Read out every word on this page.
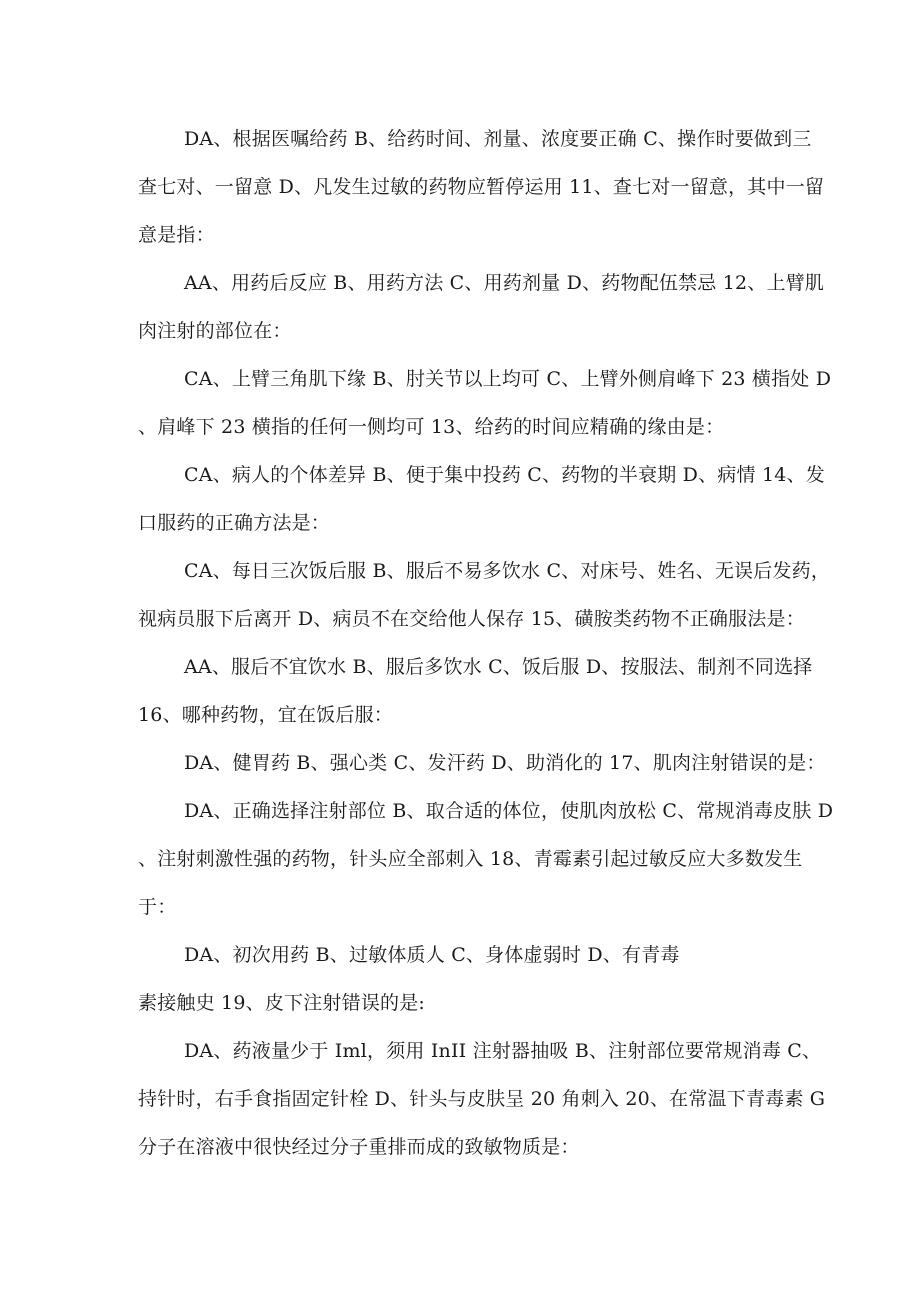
DA、根据医嘱给药 B、给药时间、剂量、浓度要正确 C、操作时要做到三
查七对、一留意 D、凡发生过敏的药物应暂停运用 11、查七对一留意，其中一留
意是指：
AA、用药后反应 B、用药方法 C、用药剂量 D、药物配伍禁忌 12、上臂肌
肉注射的部位在：
CA、上臂三角肌下缘 B、肘关节以上均可 C、上臂外侧肩峰下 23 横指处 D
、肩峰下 23 横指的任何一侧均可 13、给药的时间应精确的缘由是：
CA、病人的个体差异 B、便于集中投药 C、药物的半衰期 D、病情 14、发
口服药的正确方法是：
CA、每日三次饭后服 B、服后不易多饮水 C、对床号、姓名、无误后发药，
视病员服下后离开 D、病员不在交给他人保存 15、磺胺类药物不正确服法是：
AA、服后不宜饮水 B、服后多饮水 C、饭后服 D、按服法、制剂不同选择
16、哪种药物，宜在饭后服：
DA、健胃药 B、强心类 C、发汗药 D、助消化的 17、肌肉注射错误的是：
DA、正确选择注射部位 B、取合适的体位，使肌肉放松 C、常规消毒皮肤 D
、注射刺激性强的药物，针头应全部刺入 18、青霉素引起过敏反应大多数发生
于：
DA、初次用药 B、过敏体质人 C、身体虚弱时 D、有青毒
素接触史 19、皮下注射错误的是:
DA、药液量少于 Iml，须用 InII 注射器抽吸 B、注射部位要常规消毒 C、
持针时，右手食指固定针栓 D、针头与皮肤呈 20 角刺入 20、在常温下青毒素 G
分子在溶液中很快经过分子重排而成的致敏物质是：
